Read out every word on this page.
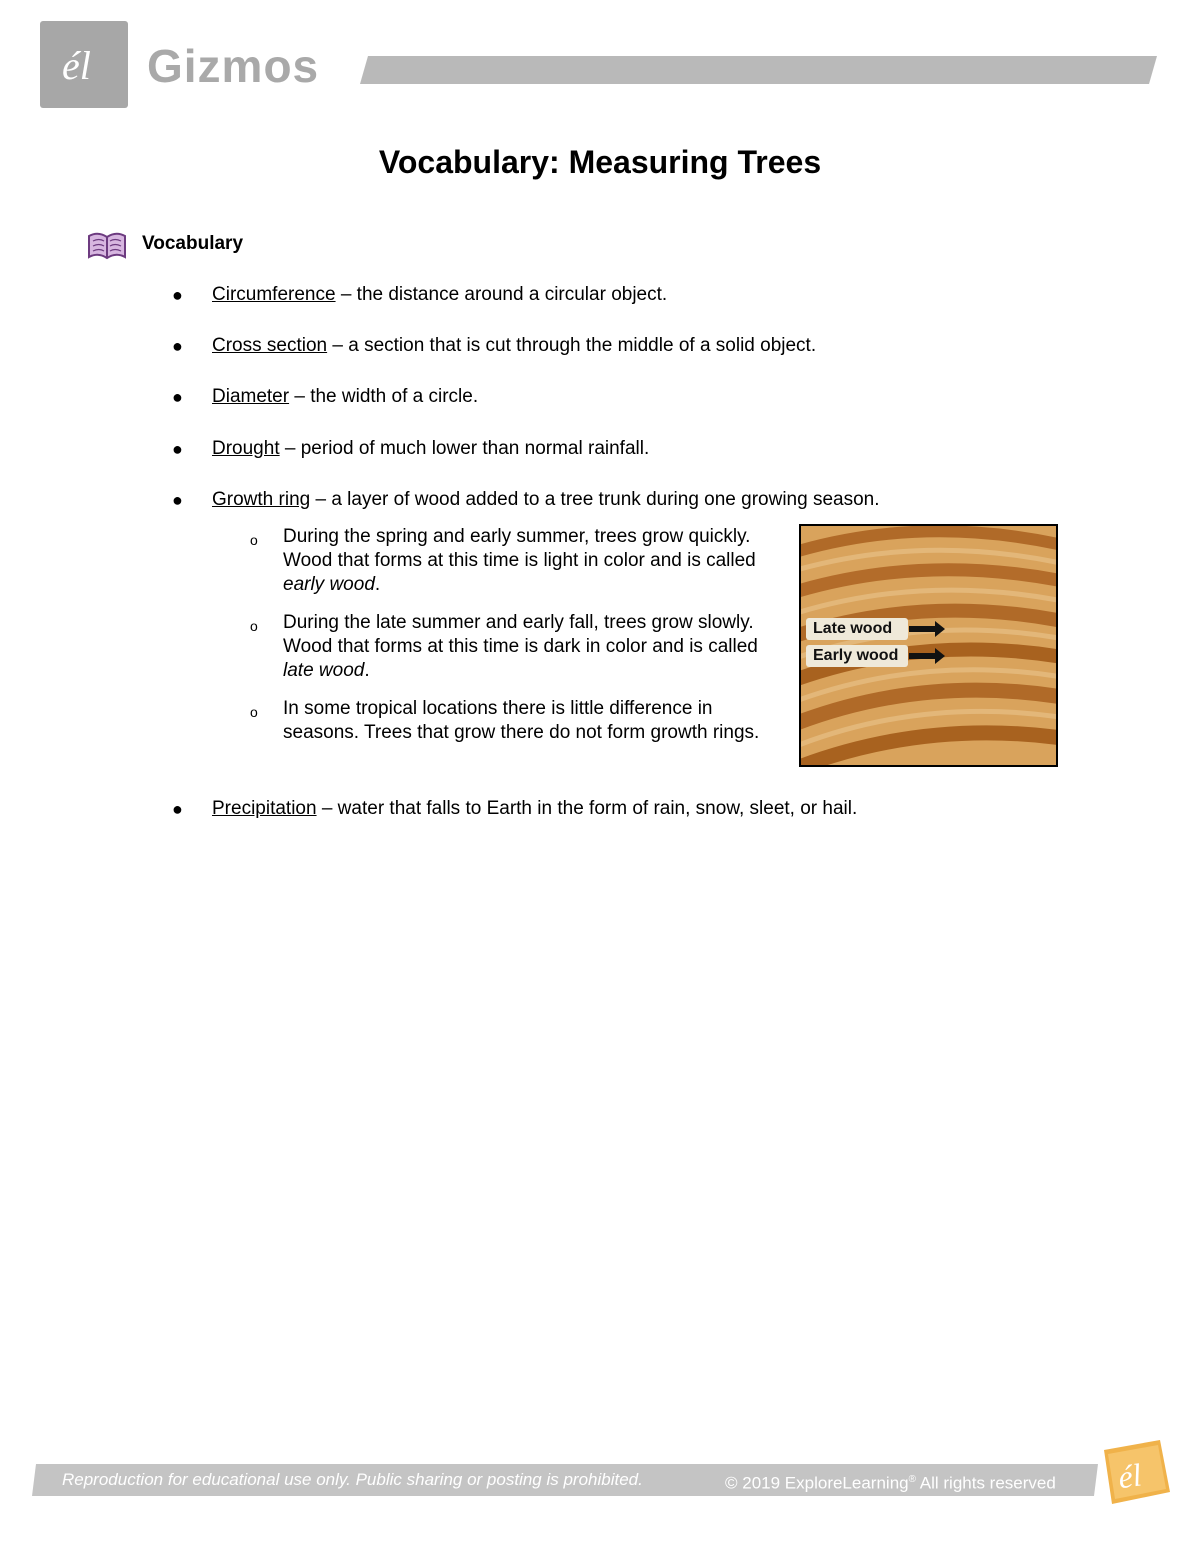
él Gizmos
Vocabulary: Measuring Trees
Vocabulary
●	Circumference – the distance around a circular object.
●	Cross section – a section that is cut through the middle of a solid object.
●	Diameter – the width of a circle.
●	Drought – period of much lower than normal rainfall.
●	Growth ring – a layer of wood added to a tree trunk during one growing season.
o During the spring and early summer, trees grow quickly. Wood that forms at this time is light in color and is called early wood.
o During the late summer and early fall, trees grow slowly. Wood that forms at this time is dark in color and is called late wood.
o In some tropical locations there is little difference in seasons. Trees that grow there do not form growth rings.
Late wood
Early wood
●	Precipitation – water that falls to Earth in the form of rain, snow, sleet, or hail.
Reproduction for educational use only. Public sharing or posting is prohibited.	© 2019 ExploreLearning® All rights reserved él
